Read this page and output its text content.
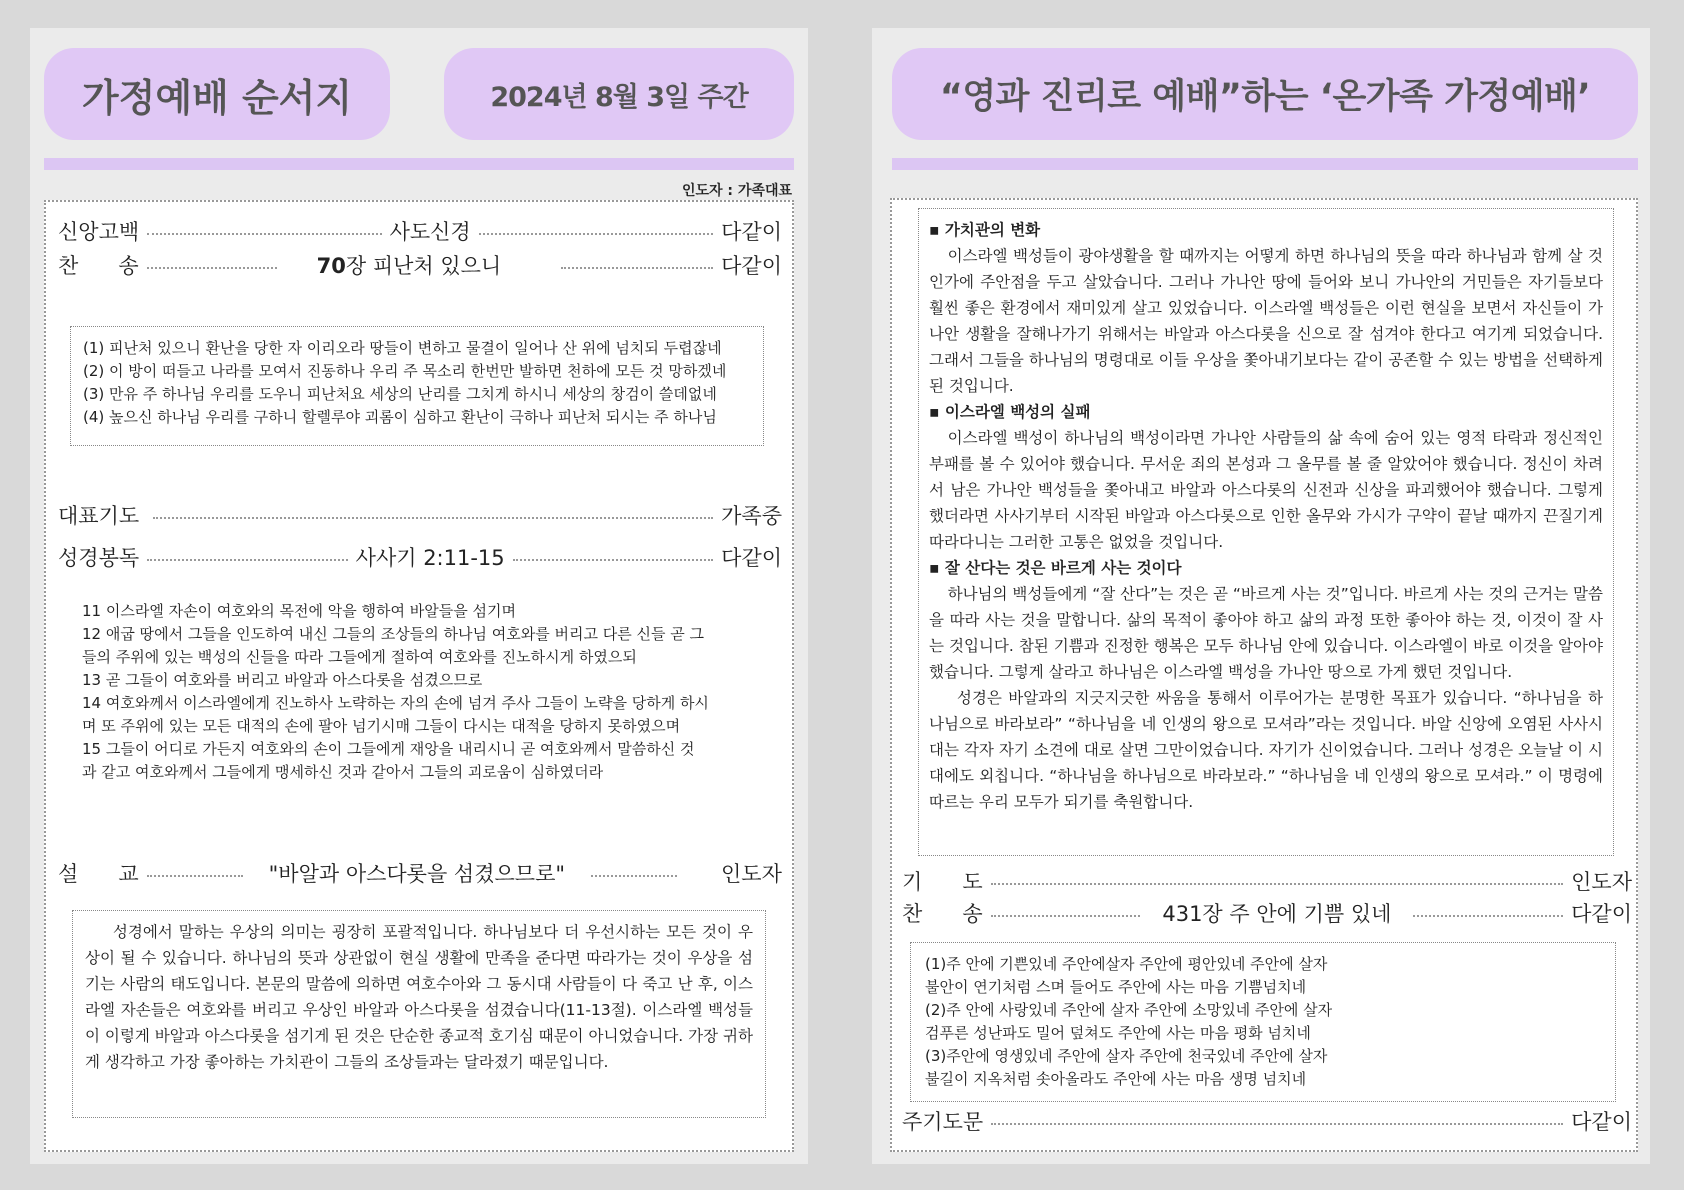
가정예배 순서지	2024년 8월 3일 주간
인도자 : 가족대표
신앙고백	사도신경	다같이
찬      송	70장 피난처 있으니	다같이
(1) 피난처 있으니 환난을 당한 자 이리오라 땅들이 변하고 물결이 일어나 산 위에 넘치되 두렵잖네
(2) 이 방이 떠들고 나라를 모여서 진동하나 우리 주 목소리 한번만 발하면 천하에 모든 것 망하겠네
(3) 만유 주 하나님 우리를 도우니 피난처요 세상의 난리를 그치게 하시니 세상의 창검이 쓸데없네
(4) 높으신 하나님 우리를 구하니 할렐루야 괴롬이 심하고 환난이 극하나 피난처 되시는 주 하나님
대표기도	가족중
성경봉독	사사기 2:11-15	다같이
11 이스라엘 자손이 여호와의 목전에 악을 행하여 바알들을 섬기며
12 애굽 땅에서 그들을 인도하여 내신 그들의 조상들의 하나님 여호와를 버리고 다른 신들 곧 그
들의 주위에 있는 백성의 신들을 따라 그들에게 절하여 여호와를 진노하시게 하였으되
13 곧 그들이 여호와를 버리고 바알과 아스다롯을 섬겼으므로
14 여호와께서 이스라엘에게 진노하사 노략하는 자의 손에 넘겨 주사 그들이 노략을 당하게 하시
며 또 주위에 있는 모든 대적의 손에 팔아 넘기시매 그들이 다시는 대적을 당하지 못하였으며
15 그들이 어디로 가든지 여호와의 손이 그들에게 재앙을 내리시니 곧 여호와께서 말씀하신 것
과 같고 여호와께서 그들에게 맹세하신 것과 같아서 그들의 괴로움이 심하였더라
설      교	"바알과 아스다롯을 섬겼으므로"	인도자
성경에서 말하는 우상의 의미는 굉장히 포괄적입니다. 하나님보다 더 우선시하는 모든 것이 우상이 될 수 있습니다. 하나님의 뜻과 상관없이 현실 생활에 만족을 준다면 따라가는 것이 우상을 섬기는 사람의 태도입니다. 본문의 말씀에 의하면 여호수아와 그 동시대 사람들이 다 죽고 난 후, 이스라엘 자손들은 여호와를 버리고 우상인 바알과 아스다롯을 섬겼습니다(11-13절). 이스라엘 백성들이 이렇게 바알과 아스다롯을 섬기게 된 것은 단순한 종교적 호기심 때문이 아니었습니다. 가장 귀하게 생각하고 가장 좋아하는 가치관이 그들의 조상들과는 달라졌기 때문입니다.
“영과 진리로 예배”하는 ‘온가족 가정예배’
▪ 가치관의 변화
이스라엘 백성들이 광야생활을 할 때까지는 어떻게 하면 하나님의 뜻을 따라 하나님과 함께 살 것인가에 주안점을 두고 살았습니다. 그러나 가나안 땅에 들어와 보니 가나안의 거민들은 자기들보다 훨씬 좋은 환경에서 재미있게 살고 있었습니다. 이스라엘 백성들은 이런 현실을 보면서 자신들이 가나안 생활을 잘해나가기 위해서는 바알과 아스다롯을 신으로 잘 섬겨야 한다고 여기게 되었습니다. 그래서 그들을 하나님의 명령대로 이들 우상을 쫓아내기보다는 같이 공존할 수 있는 방법을 선택하게 된 것입니다.
▪ 이스라엘 백성의 실패
이스라엘 백성이 하나님의 백성이라면 가나안 사람들의 삶 속에 숨어 있는 영적 타락과 정신적인 부패를 볼 수 있어야 했습니다. 무서운 죄의 본성과 그 올무를 볼 줄 알았어야 했습니다. 정신이 차려서 남은 가나안 백성들을 쫓아내고 바알과 아스다롯의 신전과 신상을 파괴했어야 했습니다. 그렇게 했더라면 사사기부터 시작된 바알과 아스다롯으로 인한 올무와 가시가 구약이 끝날 때까지 끈질기게 따라다니는 그러한 고통은 없었을 것입니다.
▪ 잘 산다는 것은 바르게 사는 것이다
하나님의 백성들에게 “잘 산다”는 것은 곧 “바르게 사는 것”입니다. 바르게 사는 것의 근거는 말씀을 따라 사는 것을 말합니다. 삶의 목적이 좋아야 하고 삶의 과정 또한 좋아야 하는 것, 이것이 잘 사는 것입니다. 참된 기쁨과 진정한 행복은 모두 하나님 안에 있습니다. 이스라엘이 바로 이것을 알아야 했습니다. 그렇게 살라고 하나님은 이스라엘 백성을 가나안 땅으로 가게 했던 것입니다.
성경은 바알과의 지긋지긋한 싸움을 통해서 이루어가는 분명한 목표가 있습니다. “하나님을 하나님으로 바라보라” “하나님을 네 인생의 왕으로 모셔라”라는 것입니다. 바알 신앙에 오염된 사사시대는 각자 자기 소견에 대로 살면 그만이었습니다. 자기가 신이었습니다. 그러나 성경은 오늘날 이 시대에도 외칩니다. “하나님을 하나님으로 바라보라.” “하나님을 네 인생의 왕으로 모셔라.” 이 명령에 따르는 우리 모두가 되기를 축원합니다.
기      도	인도자
찬      송	431장 주 안에 기쁨 있네	다같이
(1)주 안에 기쁜있네 주안에살자 주안에 평안있네 주안에 살자
불안이 연기처럼 스며 들어도 주안에 사는 마음 기쁨넘치네
(2)주 안에 사랑있네 주안에 살자 주안에 소망있네 주안에 살자
검푸른 성난파도 밀어 덮쳐도 주안에 사는 마음 평화 넘치네
(3)주안에 영생있네 주안에 살자 주안에 천국있네 주안에 살자
불길이 지옥처럼 솟아올라도 주안에 사는 마음 생명 넘치네
주기도문	다같이
